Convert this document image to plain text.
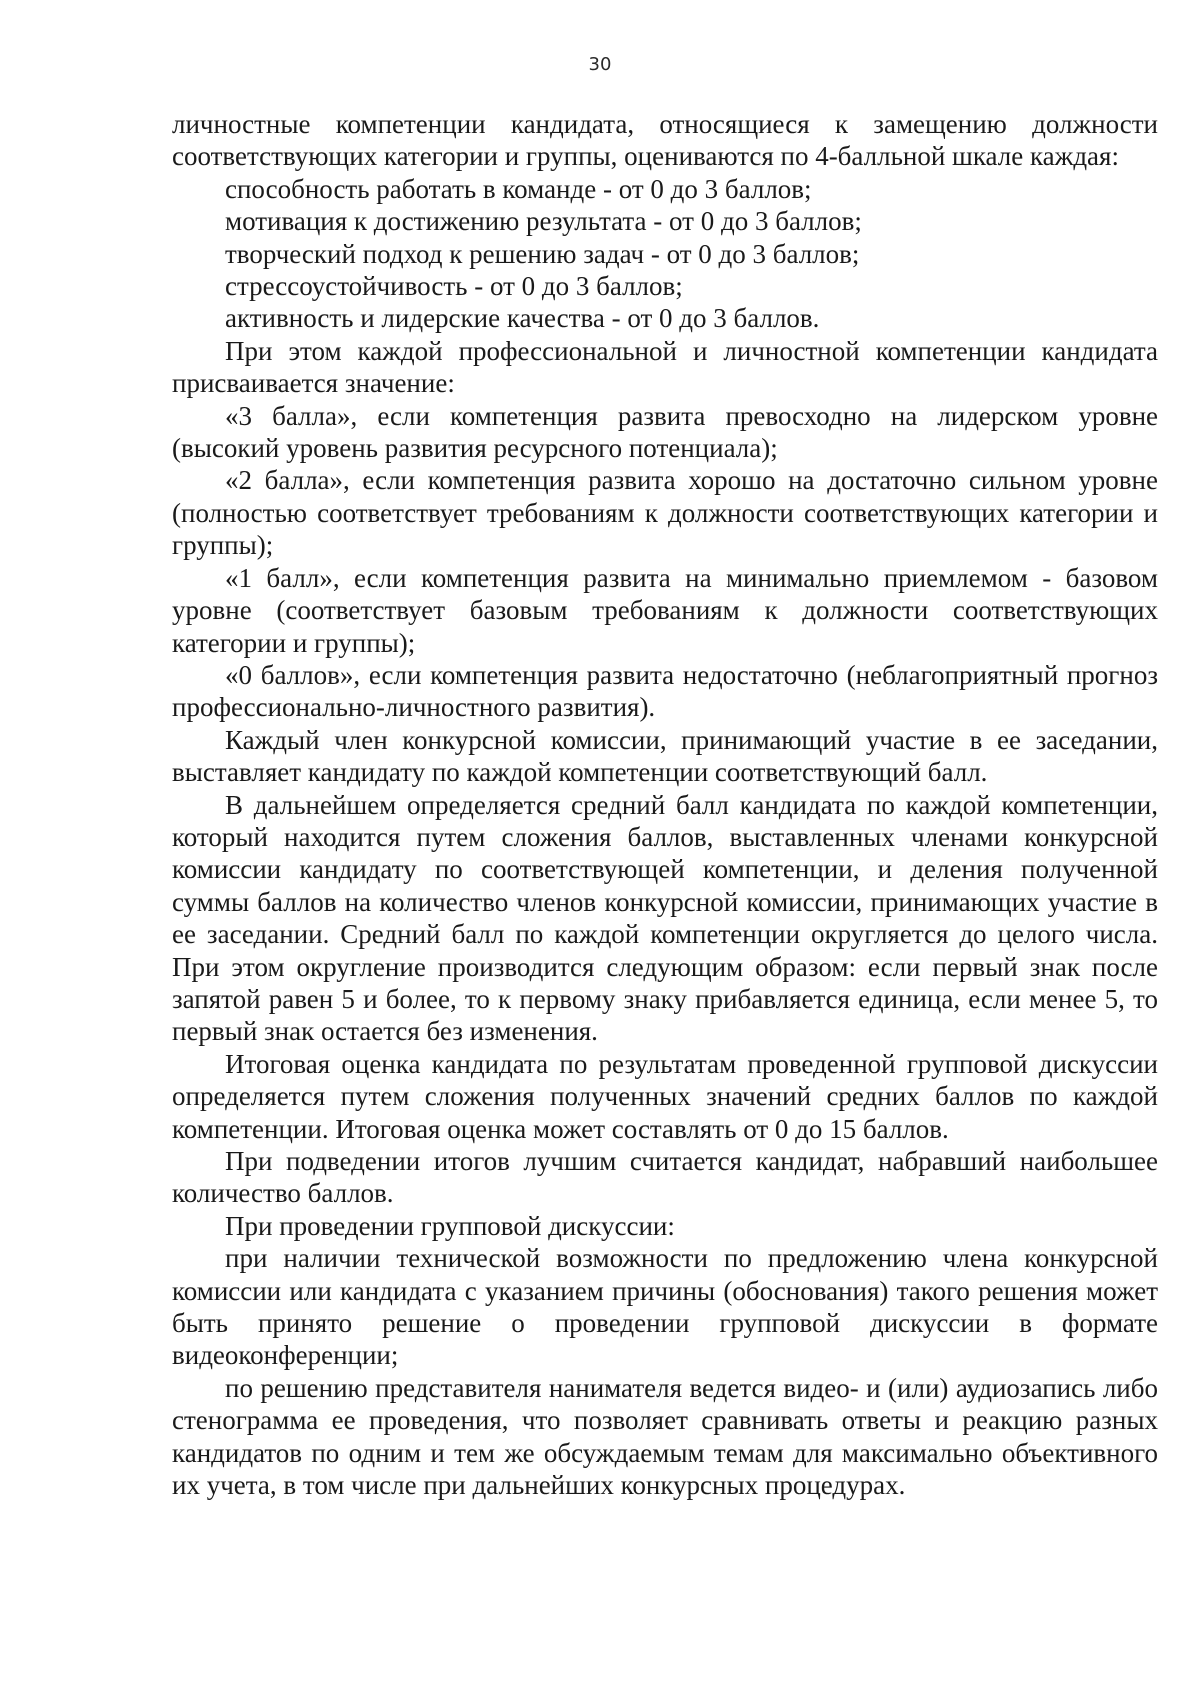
30

личностные компетенции кандидата, относящиеся к замещению должности соответствующих категории и группы, оцениваются по 4-балльной шкале каждая:

способность работать в команде - от 0 до 3 баллов;

мотивация к достижению результата - от 0 до 3 баллов;

творческий подход к решению задач - от 0 до 3 баллов;

стрессоустойчивость - от 0 до 3 баллов;

активность и лидерские качества - от 0 до 3 баллов.

При этом каждой профессиональной и личностной компетенции кандидата присваивается значение:

«3 балла», если компетенция развита превосходно на лидерском уровне (высокий уровень развития ресурсного потенциала);

«2 балла», если компетенция развита хорошо на достаточно сильном уровне (полностью соответствует требованиям к должности соответствующих категории и группы);

«1 балл», если компетенция развита на минимально приемлемом - базовом уровне (соответствует базовым требованиям к должности соответствующих категории и группы);

«0 баллов», если компетенция развита недостаточно (неблагоприятный прогноз профессионально-личностного развития).

Каждый член конкурсной комиссии, принимающий участие в ее заседании, выставляет кандидату по каждой компетенции соответствующий балл.

В дальнейшем определяется средний балл кандидата по каждой компетенции, который находится путем сложения баллов, выставленных членами конкурсной комиссии кандидату по соответствующей компетенции, и деления полученной суммы баллов на количество членов конкурсной комиссии, принимающих участие в ее заседании. Средний балл по каждой компетенции округляется до целого числа. При этом округление производится следующим образом: если первый знак после запятой равен 5 и более, то к первому знаку прибавляется единица, если менее 5, то первый знак остается без изменения.

Итоговая оценка кандидата по результатам проведенной групповой дискуссии определяется путем сложения полученных значений средних баллов по каждой компетенции. Итоговая оценка может составлять от 0 до 15 баллов.

При подведении итогов лучшим считается кандидат, набравший наибольшее количество баллов.

При проведении групповой дискуссии:

при наличии технической возможности по предложению члена конкурсной комиссии или кандидата с указанием причины (обоснования) такого решения может быть принято решение о проведении групповой дискуссии в формате видеоконференции;

по решению представителя нанимателя ведется видео- и (или) аудиозапись либо стенограмма ее проведения, что позволяет сравнивать ответы и реакцию разных кандидатов по одним и тем же обсуждаемым темам для максимально объективного их учета, в том числе при дальнейших конкурсных процедурах.
